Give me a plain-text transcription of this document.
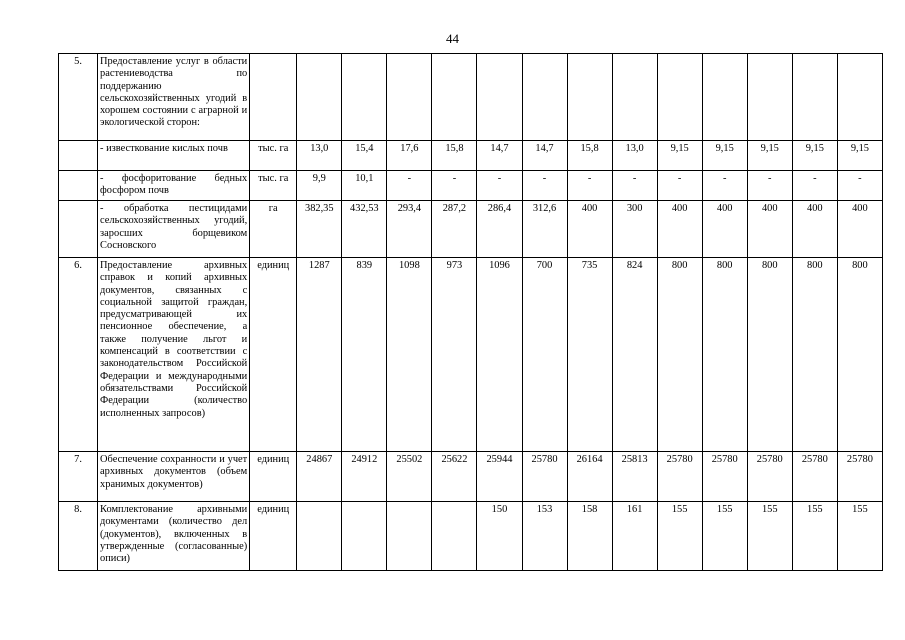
44
5.	Предоставление услуг в области растениеводства по поддержанию сельскохозяйственных угодий в хорошем состоянии с аграрной и экологической сторон:														
	- известкование кислых почв	тыс. га	13,0	15,4	17,6	15,8	14,7	14,7	15,8	13,0	9,15	9,15	9,15	9,15	9,15
	- фосфоритование бедных фосфором почв	тыс. га	9,9	10,1	-	-	-	-	-	-	-	-	-	-	-
	- обработка пестицидами сельскохозяйственных угодий, заросших борщевиком Сосновского	га	382,35	432,53	293,4	287,2	286,4	312,6	400	300	400	400	400	400	400
6.	Предоставление архивных справок и копий архивных документов, связанных с социальной защитой граждан, предусматривающей их пенсионное обеспечение, а также получение льгот и компенсаций в соответствии с законодательством Российской Федерации и международными обязательствами Российской Федерации (количество исполненных запросов)	единиц	1287	839	1098	973	1096	700	735	824	800	800	800	800	800
7.	Обеспечение сохранности и учет архивных документов (объем хранимых документов)	единиц	24867	24912	25502	25622	25944	25780	26164	25813	25780	25780	25780	25780	25780
8.	Комплектование архивными документами (количество дел (документов), включенных в утвержденные (согласованные) описи)	единиц					150	153	158	161	155	155	155	155	155
